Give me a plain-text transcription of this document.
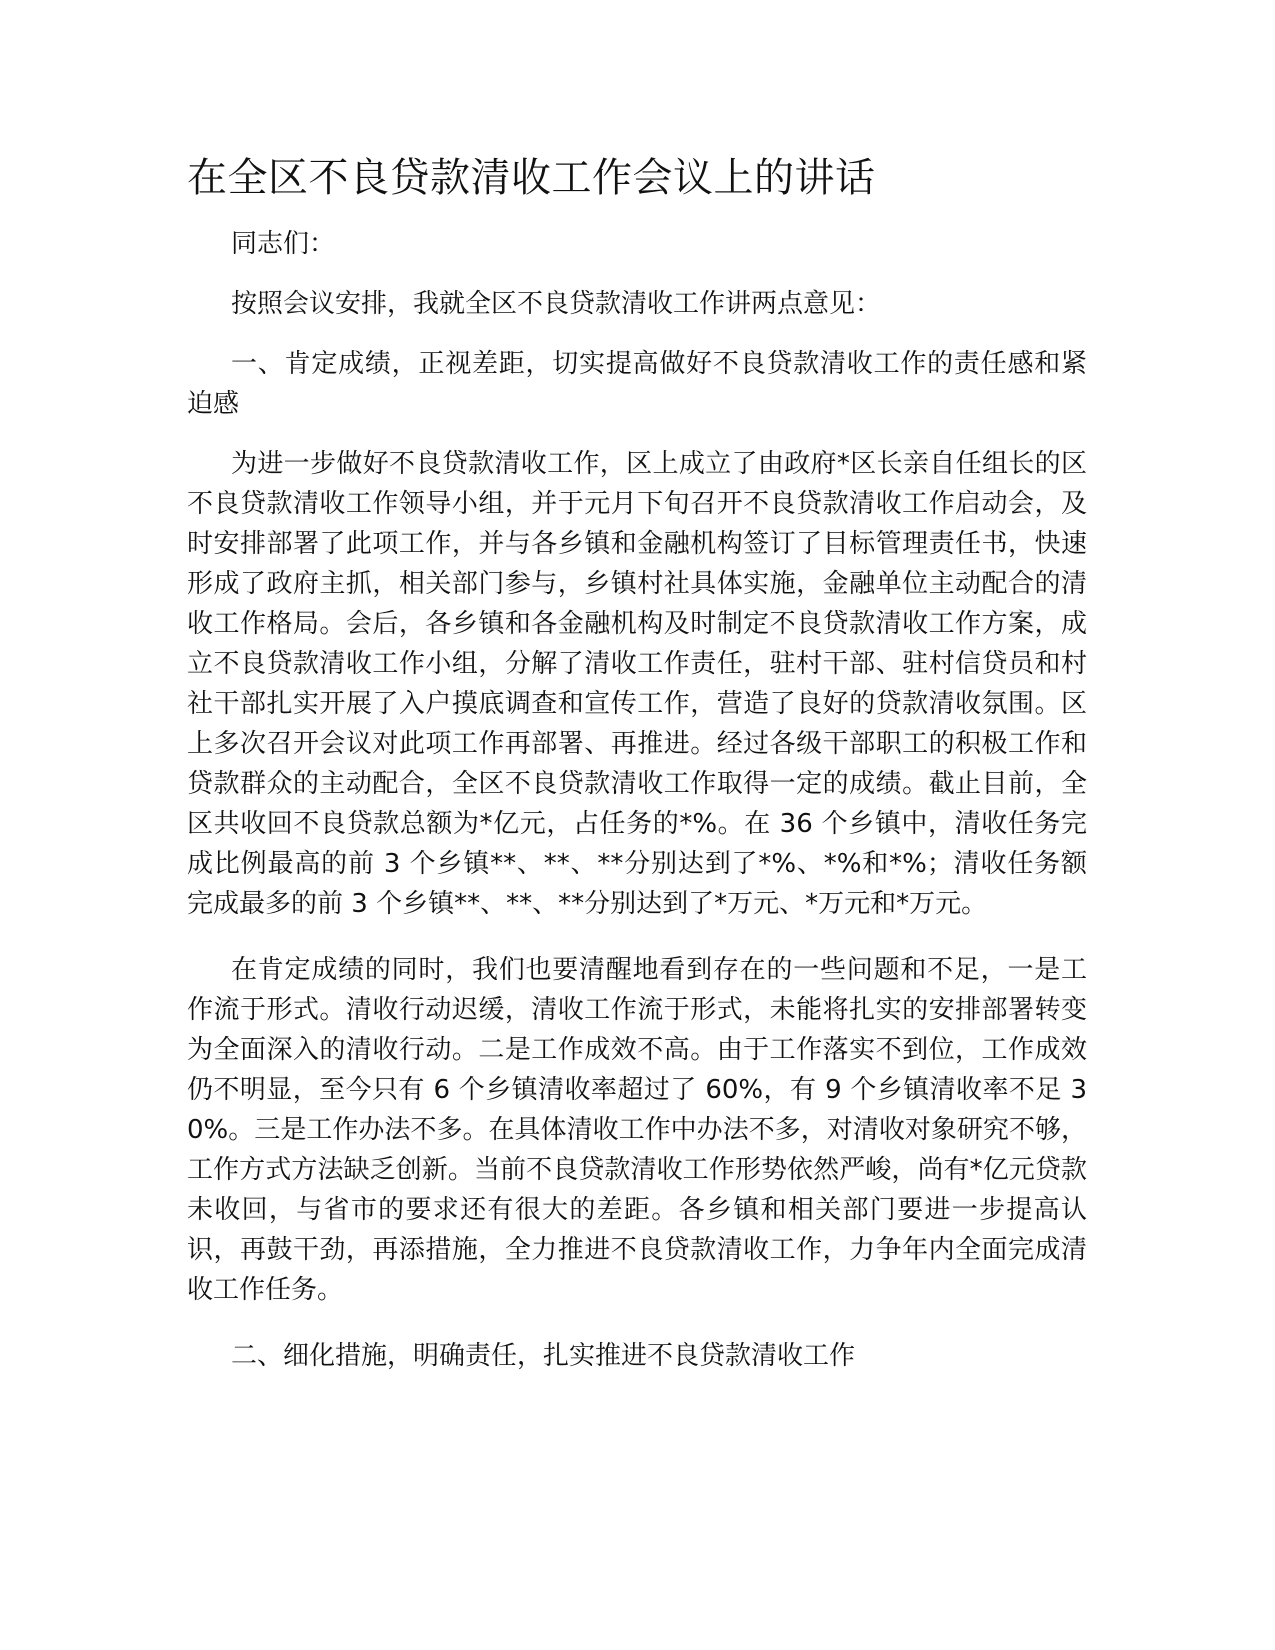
在全区不良贷款清收工作会议上的讲话

同志们：

按照会议安排，我就全区不良贷款清收工作讲两点意见：

一、肯定成绩，正视差距，切实提高做好不良贷款清收工作的责任感和紧迫感

为进一步做好不良贷款清收工作，区上成立了由政府*区长亲自任组长的区不良贷款清收工作领导小组，并于元月下旬召开不良贷款清收工作启动会，及时安排部署了此项工作，并与各乡镇和金融机构签订了目标管理责任书，快速形成了政府主抓，相关部门参与，乡镇村社具体实施，金融单位主动配合的清收工作格局。会后，各乡镇和各金融机构及时制定不良贷款清收工作方案，成立不良贷款清收工作小组，分解了清收工作责任，驻村干部、驻村信贷员和村社干部扎实开展了入户摸底调查和宣传工作，营造了良好的贷款清收氛围。区上多次召开会议对此项工作再部署、再推进。经过各级干部职工的积极工作和贷款群众的主动配合，全区不良贷款清收工作取得一定的成绩。截止目前，全区共收回不良贷款总额为*亿元，占任务的*%。在 36 个乡镇中，清收任务完成比例最高的前 3 个乡镇**、**、**分别达到了*%、*%和*%；清收任务额完成最多的前 3 个乡镇**、**、**分别达到了*万元、*万元和*万元。

在肯定成绩的同时，我们也要清醒地看到存在的一些问题和不足，一是工作流于形式。清收行动迟缓，清收工作流于形式，未能将扎实的安排部署转变为全面深入的清收行动。二是工作成效不高。由于工作落实不到位，工作成效仍不明显，至今只有 6 个乡镇清收率超过了 60%，有 9 个乡镇清收率不足 30%。三是工作办法不多。在具体清收工作中办法不多，对清收对象研究不够，工作方式方法缺乏创新。当前不良贷款清收工作形势依然严峻，尚有*亿元贷款未收回，与省市的要求还有很大的差距。各乡镇和相关部门要进一步提高认识，再鼓干劲，再添措施，全力推进不良贷款清收工作，力争年内全面完成清收工作任务。

二、细化措施，明确责任，扎实推进不良贷款清收工作
